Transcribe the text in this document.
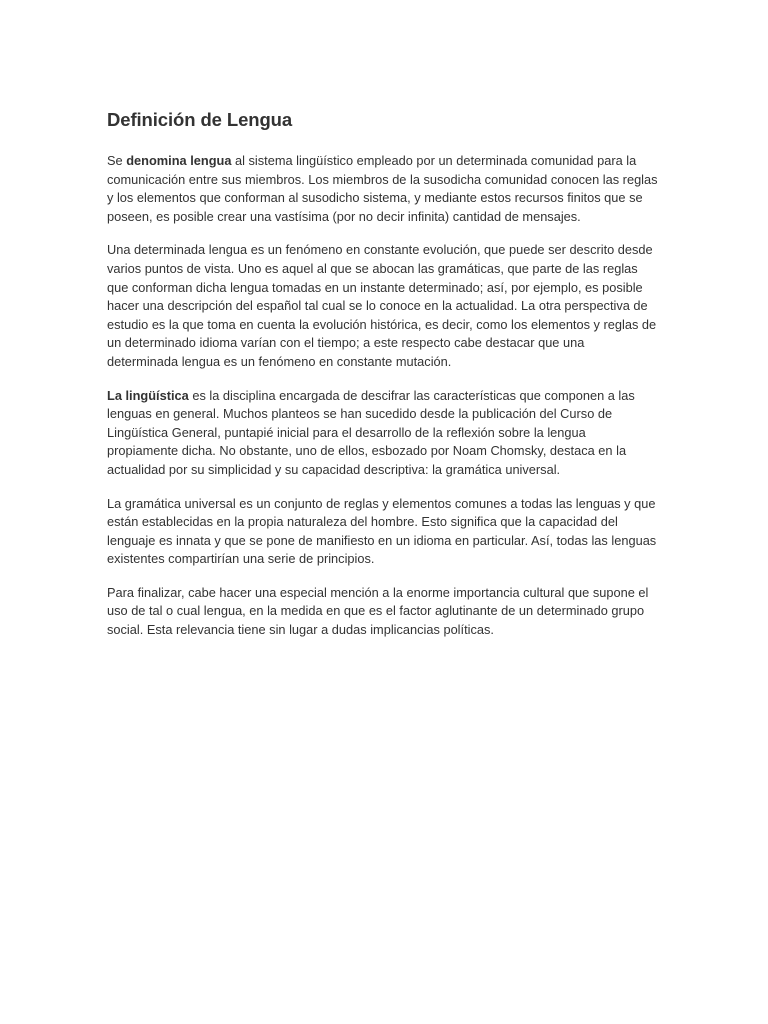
Definición de Lengua

Se denomina lengua al sistema lingüístico empleado por un determinada comunidad para la comunicación entre sus miembros. Los miembros de la susodicha comunidad conocen las reglas y los elementos que conforman al susodicho sistema, y mediante estos recursos finitos que se poseen, es posible crear una vastísima (por no decir infinita) cantidad de mensajes.

Una determinada lengua es un fenómeno en constante evolución, que puede ser descrito desde varios puntos de vista. Uno es aquel al que se abocan las gramáticas, que parte de las reglas que conforman dicha lengua tomadas en un instante determinado; así, por ejemplo, es posible hacer una descripción del español tal cual se lo conoce en la actualidad. La otra perspectiva de estudio es la que toma en cuenta la evolución histórica, es decir, como los elementos y reglas de un determinado idioma varían con el tiempo; a este respecto cabe destacar que una determinada lengua es un fenómeno en constante mutación.

La lingüística es la disciplina encargada de descifrar las características que componen a las lenguas en general. Muchos planteos se han sucedido desde la publicación del Curso de Lingüística General, puntapié inicial para el desarrollo de la reflexión sobre la lengua propiamente dicha. No obstante, uno de ellos, esbozado por Noam Chomsky, destaca en la actualidad por su simplicidad y su capacidad descriptiva: la gramática universal.

La gramática universal es un conjunto de reglas y elementos comunes a todas las lenguas y que están establecidas en la propia naturaleza del hombre. Esto significa que la capacidad del lenguaje es innata y que se pone de manifiesto en un idioma en particular. Así, todas las lenguas existentes compartirían una serie de principios.

Para finalizar, cabe hacer una especial mención a la enorme importancia cultural que supone el uso de tal o cual lengua, en la medida en que es el factor aglutinante de un determinado grupo social. Esta relevancia tiene sin lugar a dudas implicancias políticas.
